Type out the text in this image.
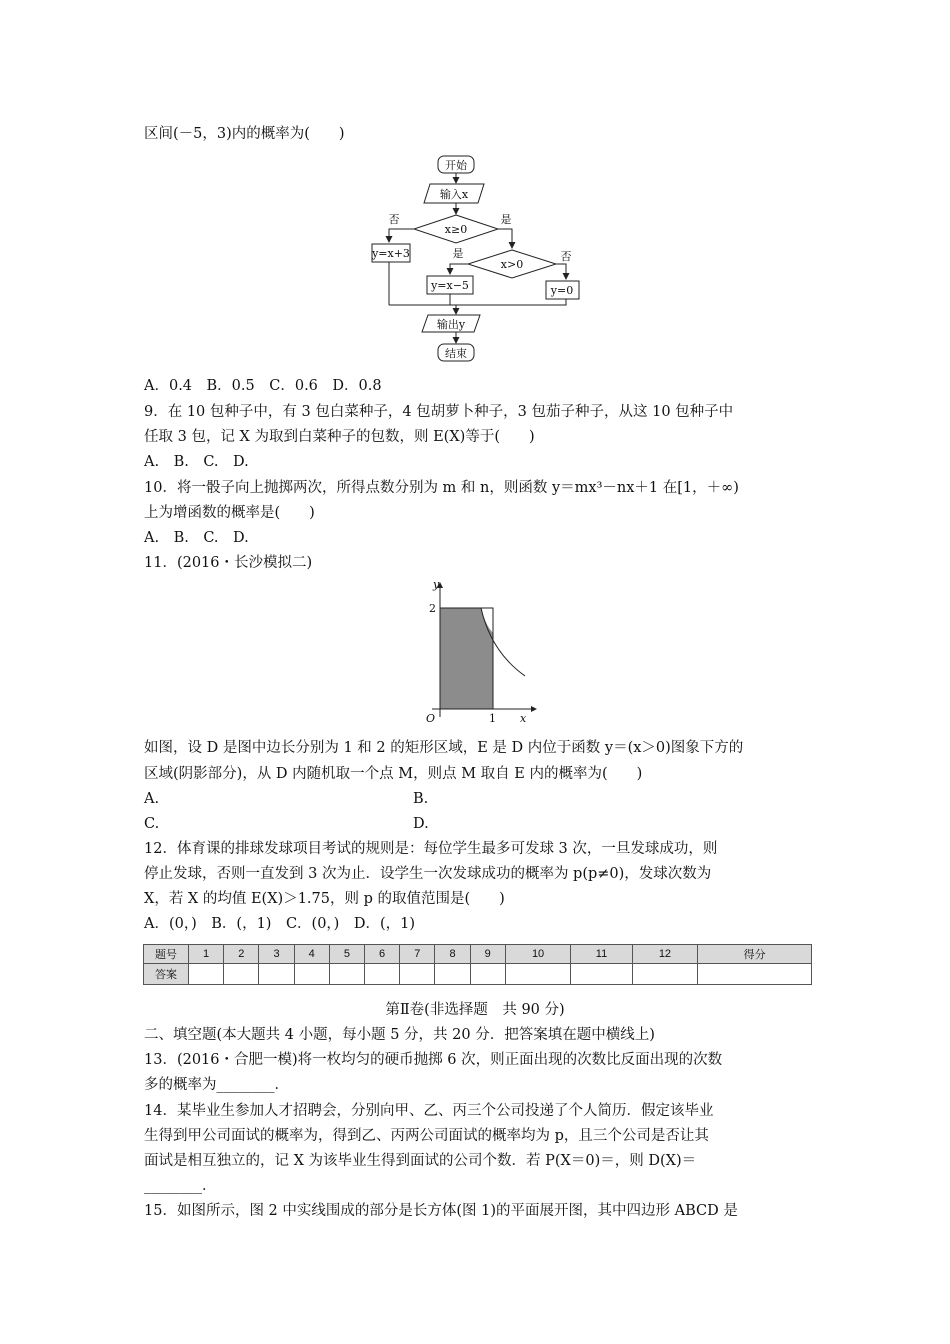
区间(－5，3)内的概率为(　　)
开始
输入x
x≥0
否	是
y=x+3
x>0
是	否
y=x−5	y=0
输出y
结束
A．0.4　B．0.5　C．0.6　D．0.8
9．在 10 包种子中，有 3 包白菜种子，4 包胡萝卜种子，3 包茄子种子，从这 10 包种子中
任取 3 包，记 X 为取到白菜种子的包数，则 E(X)等于(　　)
A.　B.　C.　D.
10．将一骰子向上抛掷两次，所得点数分别为 m 和 n，则函数 y＝mx³－nx＋1 在[1，＋∞)
上为增函数的概率是(　　)
A.　B.　C.　D.
11．(2016・长沙模拟二)
y
x
O
2
1
如图，设 D 是图中边长分别为 1 和 2 的矩形区域，E 是 D 内位于函数 y＝(x＞0)图象下方的
区域(阴影部分)，从 D 内随机取一个点 M，则点 M 取自 E 内的概率为(　　)
A.	B.
C.	D.
12．体育课的排球发球项目考试的规则是：每位学生最多可发球 3 次，一旦发球成功，则
停止发球，否则一直发到 3 次为止．设学生一次发球成功的概率为 p(p≠0)，发球次数为
X，若 X 的均值 E(X)＞1.75，则 p 的取值范围是(　　)
A．(0，)　B．(，1)　C．(0，)　D．(，1)
题号	1	2	3	4	5	6	7	8	9	10	11	12	得分
答案													
第Ⅱ卷(非选择题　共 90 分)
二、填空题(本大题共 4 小题，每小题 5 分，共 20 分．把答案填在题中横线上)
13．(2016・合肥一模)将一枚均匀的硬币抛掷 6 次，则正面出现的次数比反面出现的次数
多的概率为________．
14．某毕业生参加人才招聘会，分别向甲、乙、丙三个公司投递了个人简历．假定该毕业
生得到甲公司面试的概率为，得到乙、丙两公司面试的概率均为 p，且三个公司是否让其
面试是相互独立的，记 X 为该毕业生得到面试的公司个数．若 P(X＝0)＝，则 D(X)＝
________．
15．如图所示，图 2 中实线围成的部分是长方体(图 1)的平面展开图，其中四边形 ABCD 是
